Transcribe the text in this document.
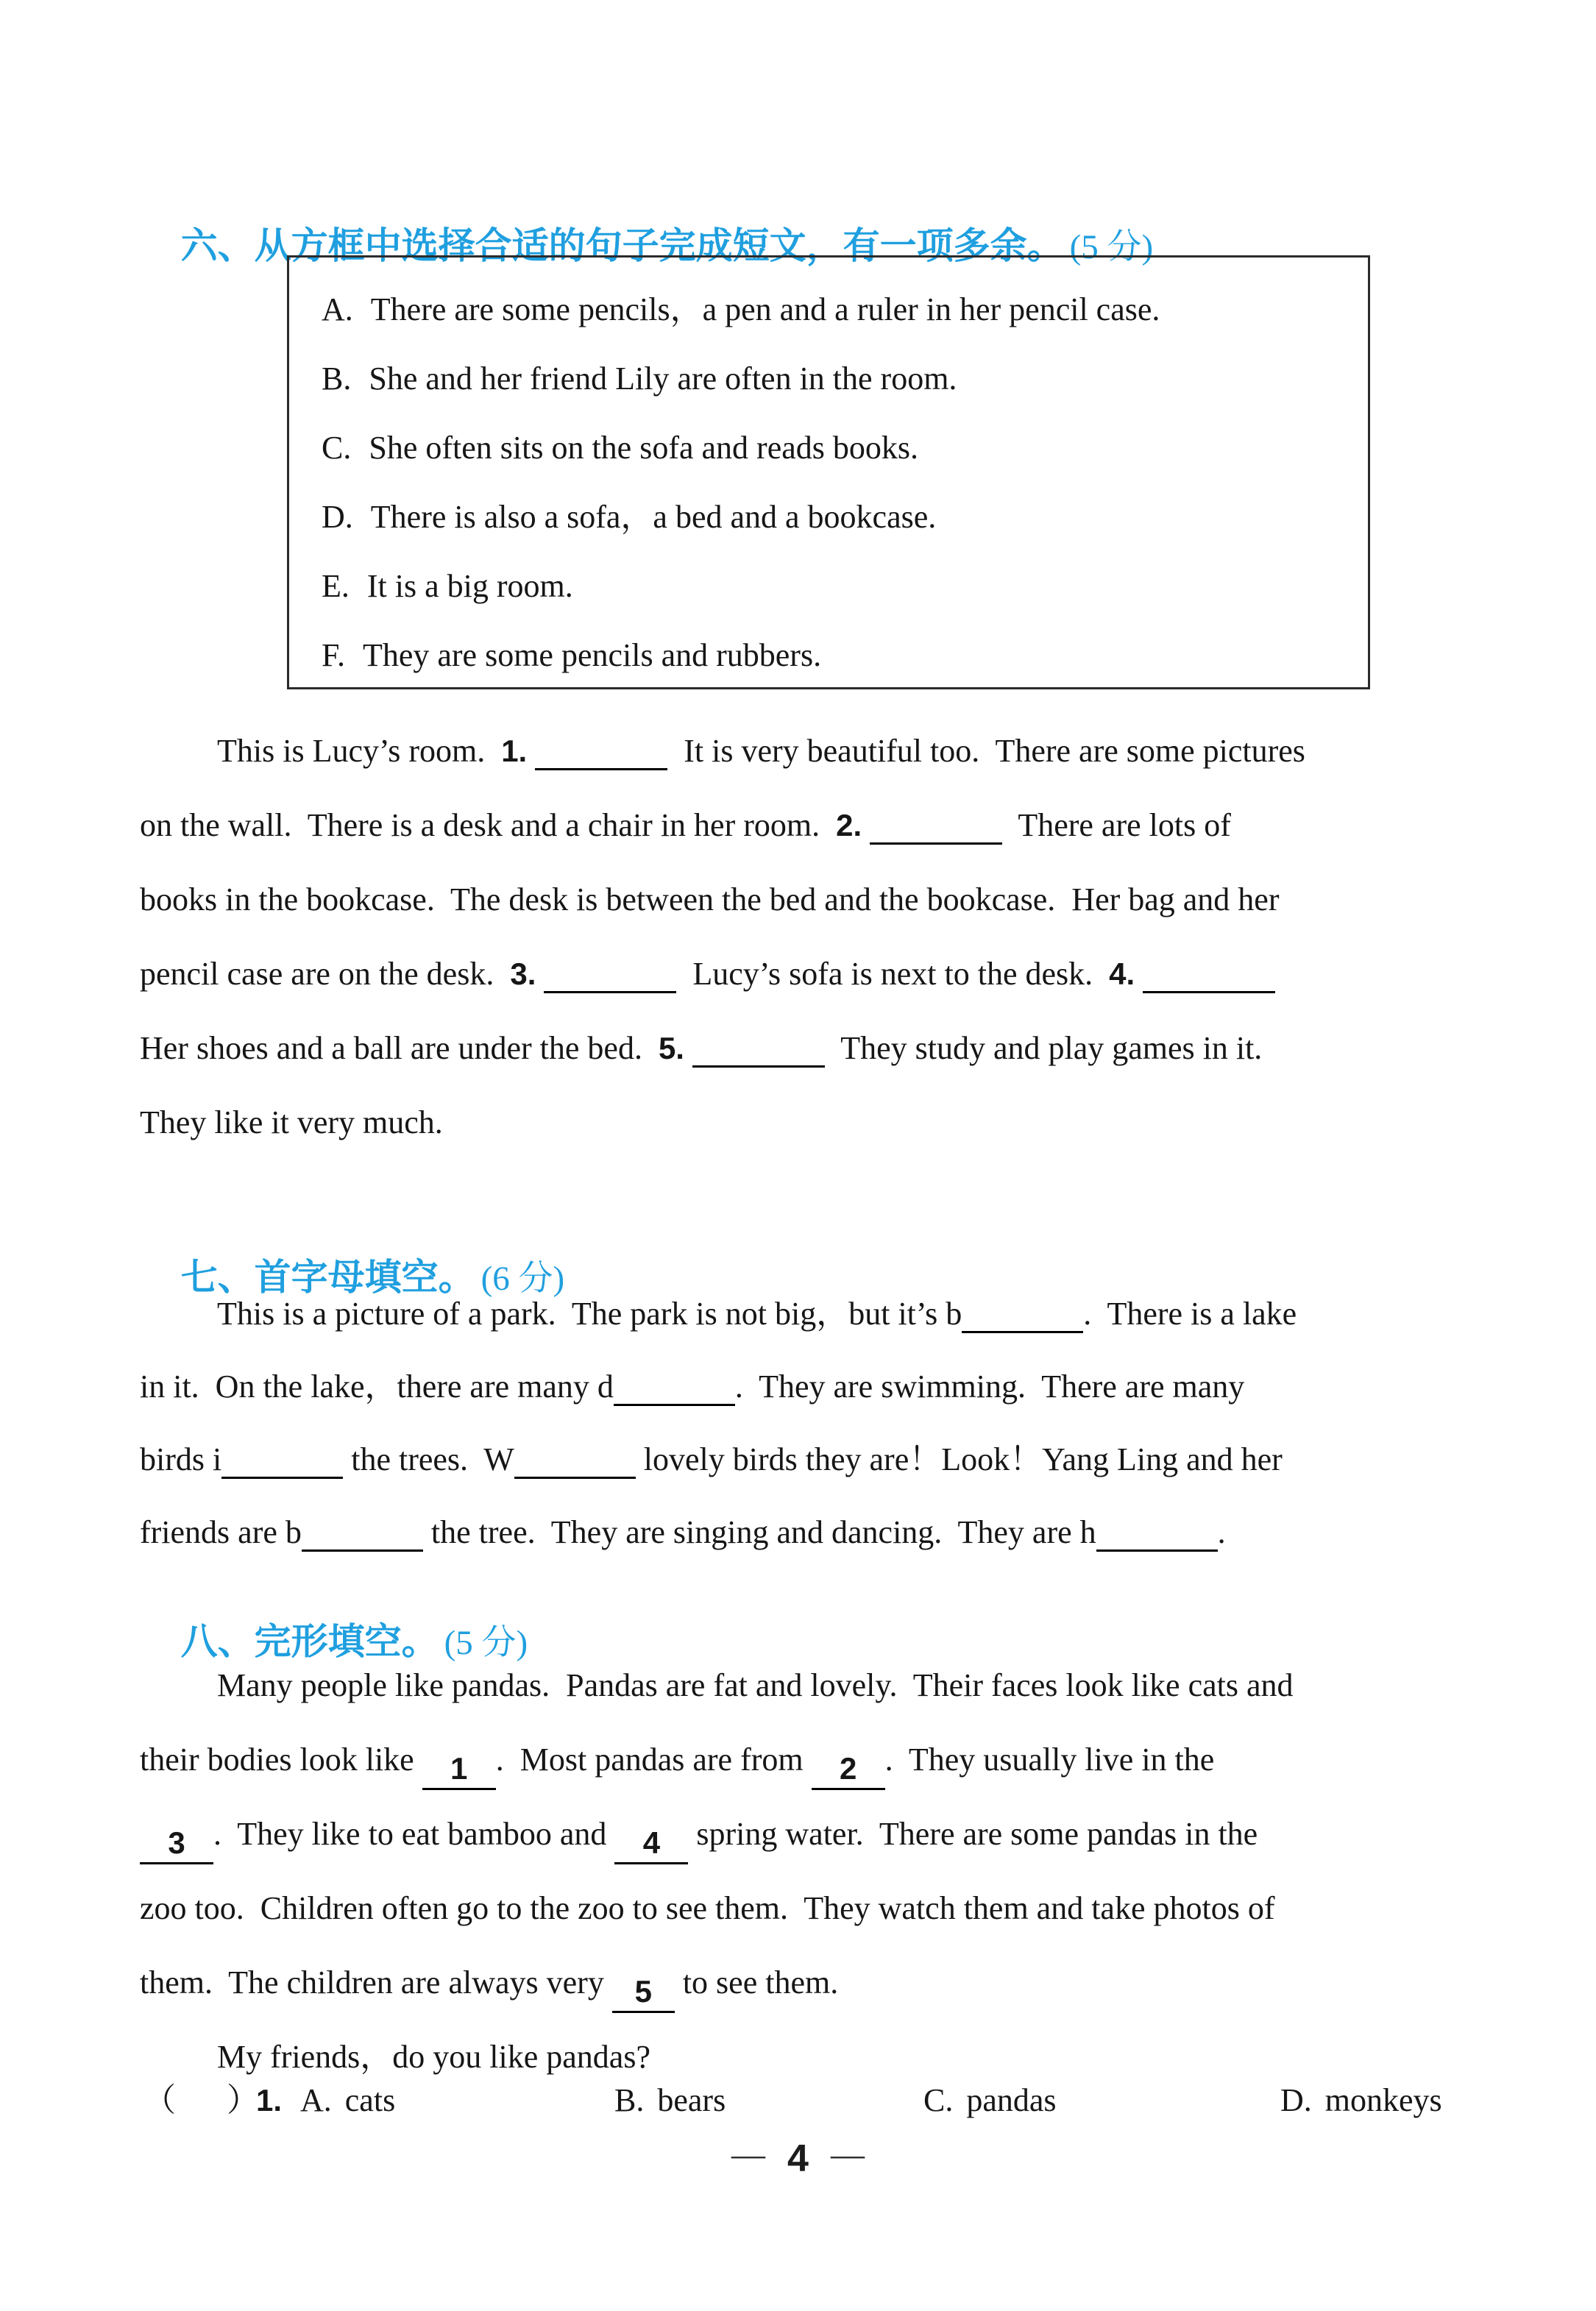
六、从方框中选择合适的句子完成短文，有一项多余。 (5 分)

A. There are some pencils，a pen and a ruler in her pencil case.
B. She and her friend Lily are often in the room.
C. She often sits on the sofa and reads books.
D. There is also a sofa，a bed and a bookcase.
E. It is a big room.
F. They are some pencils and rubbers.
This is Lucy’s room.  1.	It is very beautiful too.  There are some pictures
on the wall.  There is a desk and a chair in her room.  2.	There are lots of
books in the bookcase.  The desk is between the bed and the bookcase.  Her bag and her
pencil case are on the desk.  3.	Lucy’s sofa is next to the desk.  4.
Her shoes and a ball are under the bed.  5.	They study and play games in it.
They like it very much.

七、首字母填空。 (6 分)

This is a picture of a park.  The park is not big，but it’s b	.  There is a lake
in it.  On the lake，there are many d	.  They are swimming.  There are many
birds i	the trees.  W	lovely birds they are！Look！Yang Ling and her
friends are b	the tree.  They are singing and dancing.  They are h	.

八、完形填空。 (5 分)

Many people like pandas.  Pandas are fat and lovely.  Their faces look like cats and
their bodies look like 1 .  Most pandas are from 2 .  They usually live in the
3 .  They like to eat bamboo and 4 spring water.  There are some pandas in the
zoo too.  Children often go to the zoo to see them.  They watch them and take photos of
them.  The children are always very 5 to see them.
My friends，do you like pandas?
（ ）
1. A. cats	B. bears	C. pandas	D. monkeys
— 4 —
